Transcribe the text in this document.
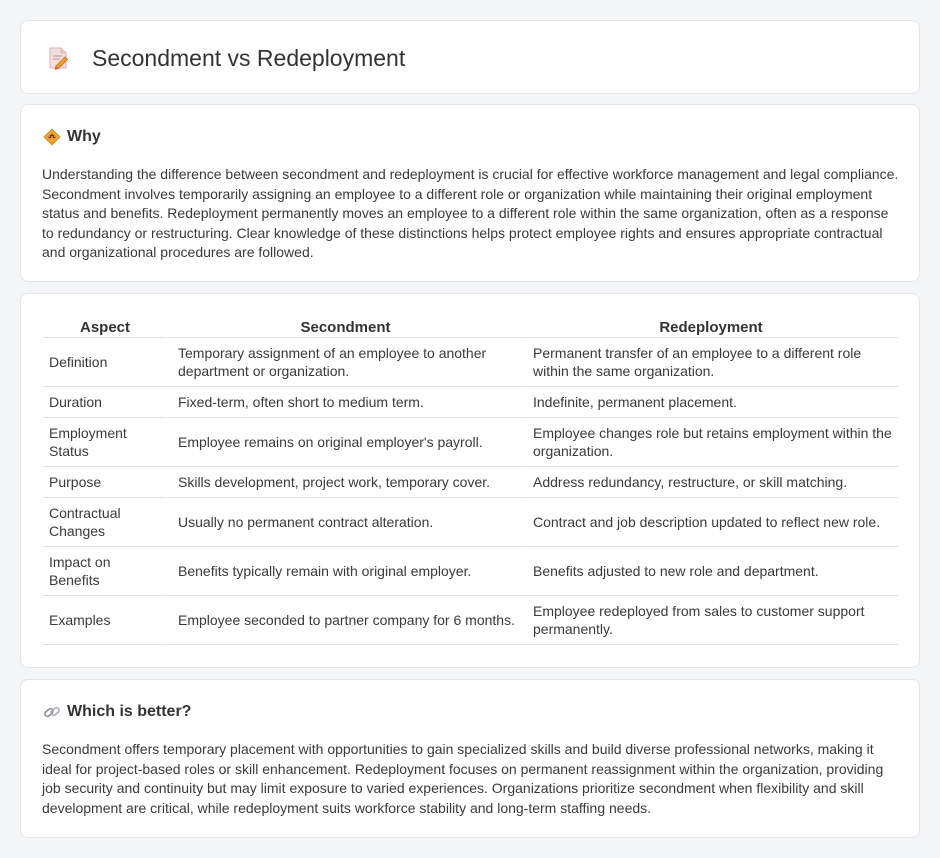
Secondment vs Redeployment
Why

Understanding the difference between secondment and redeployment is crucial for effective workforce management and legal compliance. Secondment involves temporarily assigning an employee to a different role or organization while maintaining their original employment status and benefits. Redeployment permanently moves an employee to a different role within the same organization, often as a response to redundancy or restructuring. Clear knowledge of these distinctions helps protect employee rights and ensures appropriate contractual and organizational procedures are followed.

Aspect	Secondment	Redeployment
Definition	Temporary assignment of an employee to another department or organization.	Permanent transfer of an employee to a different role within the same organization.
Duration	Fixed-term, often short to medium term.	Indefinite, permanent placement.
Employment Status	Employee remains on original employer's payroll.	Employee changes role but retains employment within the organization.
Purpose	Skills development, project work, temporary cover.	Address redundancy, restructure, or skill matching.
Contractual Changes	Usually no permanent contract alteration.	Contract and job description updated to reflect new role.
Impact on Benefits	Benefits typically remain with original employer.	Benefits adjusted to new role and department.
Examples	Employee seconded to partner company for 6 months.	Employee redeployed from sales to customer support permanently.
Which is better?

Secondment offers temporary placement with opportunities to gain specialized skills and build diverse professional networks, making it ideal for project-based roles or skill enhancement. Redeployment focuses on permanent reassignment within the organization, providing job security and continuity but may limit exposure to varied experiences. Organizations prioritize secondment when flexibility and skill development are critical, while redeployment suits workforce stability and long-term staffing needs.
